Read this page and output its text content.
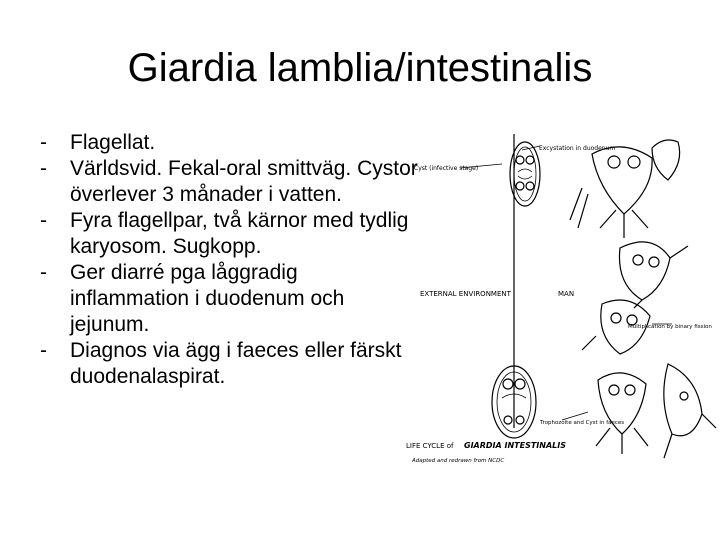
Giardia lamblia/intestinalis
- Flagellat.
- Världsvid. Fekal-oral smittväg. Cystor överlever 3 månader i vatten.
- Fyra flagellpar, två kärnor med tydlig karyosom. Sugkopp.
- Ger diarré pga låggradig inflammation i duodenum och jejunum.
- Diagnos via ägg i faeces eller färskt duodenalaspirat.
Excystation in duodenum
Cyst (infective stage)
EXTERNAL ENVIRONMENT	MAN
Multiplication by binary fission
Trophozoite and Cyst in faeces
LIFE CYCLE of GIARDIA INTESTINALIS
Adapted and redrawn from NCDC
